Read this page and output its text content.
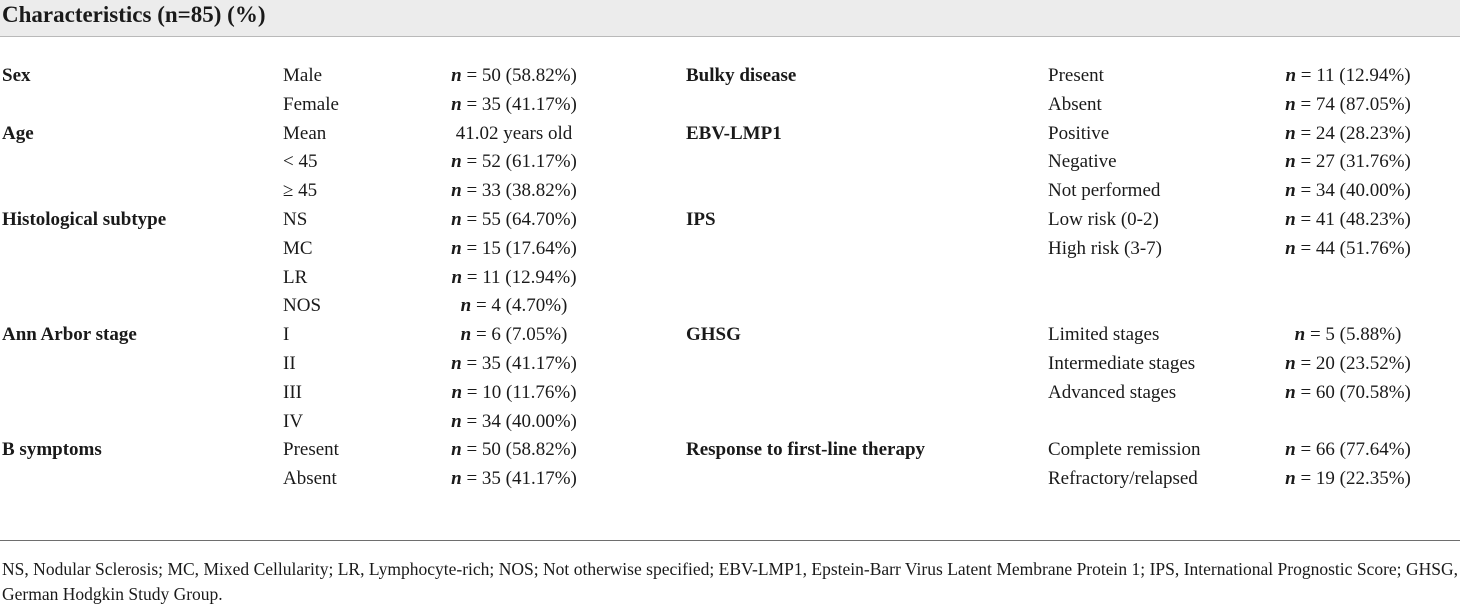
Characteristics (n=85) (%)
Sex	Male	n = 50 (58.82%)	Bulky disease	Present	n = 11 (12.94%)
Female	n = 35 (41.17%)	Absent	n = 74 (87.05%)
Age	Mean	41.02 years old	EBV-LMP1	Positive	n = 24 (28.23%)
< 45	n = 52 (61.17%)	Negative	n = 27 (31.76%)
≥ 45	n = 33 (38.82%)	Not performed	n = 34 (40.00%)
Histological subtype	NS	n = 55 (64.70%)	IPS	Low risk (0-2)	n = 41 (48.23%)
MC	n = 15 (17.64%)	High risk (3-7)	n = 44 (51.76%)
LR	n = 11 (12.94%)
NOS	n = 4 (4.70%)
Ann Arbor stage	I	n = 6 (7.05%)	GHSG	Limited stages	n = 5 (5.88%)
II	n = 35 (41.17%)	Intermediate stages	n = 20 (23.52%)
III	n = 10 (11.76%)	Advanced stages	n = 60 (70.58%)
IV	n = 34 (40.00%)
B symptoms	Present	n = 50 (58.82%)	Response to first-line therapy	Complete remission	n = 66 (77.64%)
Absent	n = 35 (41.17%)	Refractory/relapsed	n = 19 (22.35%)
NS, Nodular Sclerosis; MC, Mixed Cellularity; LR, Lymphocyte-rich; NOS; Not otherwise specified; EBV-LMP1, Epstein-Barr Virus Latent Membrane Protein 1; IPS, International Prognostic Score; GHSG, German Hodgkin Study Group.
